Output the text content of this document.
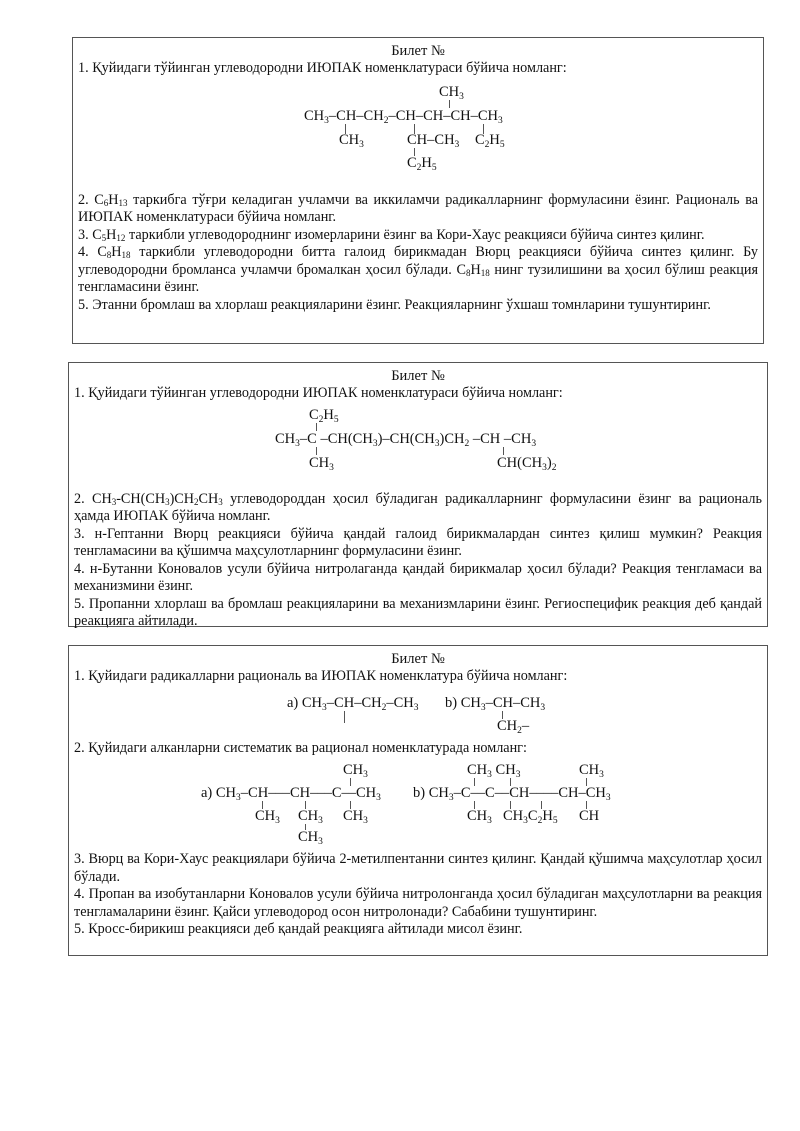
Билет №

1. Қуйидаги тўйинган углеводородни ИЮПАК номенклатураси бўйича номланг:

$CH_3$
$CH_3-CH-CH_2-CH-CH-CH-CH_3$
$CH_3$	$CH-CH_3$ $C_2H_5$
$C_2H_5$

2. $C_6H_{13}$ таркибга тўғри келадиган учламчи ва иккиламчи радикалларнинг формуласини ёзинг. Рациональ ва ИЮПАК номенклатураси бўйича номланг.

3. $C_5H_{12}$ таркибли углеводороднинг изомерларини ёзинг ва Кори-Хаус реакцияси бўйича синтез қилинг.

4. $C_8H_{18}$ таркибли углеводородни битта галоид бирикмадан Вюрц реакцияси бўйича синтез қилинг. Бу углеводородни бромланса учламчи бромалкан ҳосил бўлади. $C_8H_{18}$ нинг тузилишини ва ҳосил бўлиш реакция тенгламасини ёзинг.

5. Этанни бромлаш ва хлорлаш реакцияларини ёзинг. Реакцияларнинг ўхшаш томнларини тушунтиринг.

Билет №

1. Қуйидаги тўйинган углеводородни ИЮПАК номенклатураси бўйича номланг:

$C_2H_5$
$CH_3-C$ $-CH(CH_3)-CH(CH_3)CH_2$ –CH $-CH_3$
$CH_3$	$CH(CH_3)_2$

2. $CH_3-CH(CH_3)CH_2CH_3$ углеводороддан ҳосил бўладиган радикалларнинг формуласини ёзинг ва рациональ ҳамда ИЮПАК бўйича номланг.

3. н-Гептанни Вюрц реакцияси бўйича қандай галоид бирикмалардан синтез қилиш мумкин? Реакция тенгламасини ва қўшимча маҳсулотларнинг формуласини ёзинг.

4. н-Бутанни Коновалов усули бўйича нитролаганда қандай бирикмалар ҳосил бўлади? Реакция тенгламаси ва механизмини ёзинг.

5. Пропанни хлорлаш ва бромлаш реакцияларини ва механизмларини ёзинг. Региоспецифик реакция деб қандай реакцияга айтилади.

Билет №

1. Қуйидаги радикалларни рациональ ва ИЮПАК номенклатура бўйича номланг:

а) $CH_3-CH-CH_2-CH_3$ b) $CH_3-CH-CH_3$
$CH_2-$

2. Қуйидаги алканларни систематик ва рационал номенклатурада номланг:

$CH_3$
а) $CH_3-CH---CH---C--CH_3$
$CH_3$ $CH_3$ $CH_3$
$CH_3$
$CH_3$ $CH_3$	$CH_3$
b) $CH_3-C--C--CH----CH-CH_3$
$CH_3$ $CH_3C_2H_5$ CH

3. Вюрц ва Кори-Хаус реакциялари бўйича 2-метилпентанни синтез қилинг. Қандай қўшимча маҳсулотлар ҳосил бўлади.

4. Пропан ва изобутанларни Коновалов усули бўйича нитролонганда ҳосил бўладиган маҳсулотларни ва реакция тенгламаларини ёзинг. Қайси углеводород осон нитролонади? Сабабини тушунтиринг.

5. Кросс-бирикиш реакцияси деб қандай реакцияга айтилади мисол ёзинг.
